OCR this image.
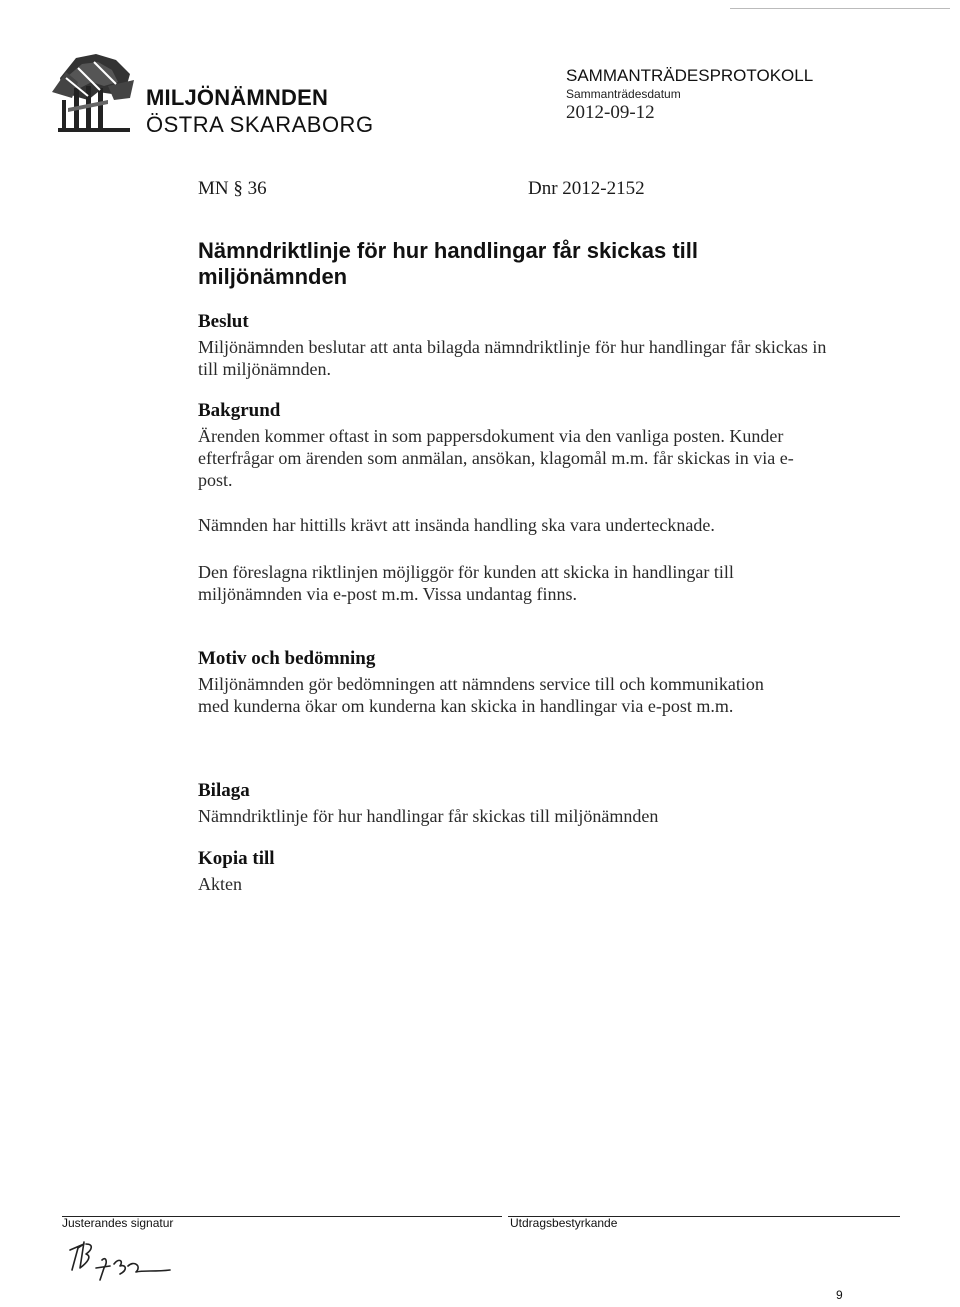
MILJÖNÄMNDEN
ÖSTRA SKARABORG
SAMMANTRÄDESPROTOKOLL
Sammanträdesdatum
2012-09-12
MN § 36	Dnr 2012-2152
Nämndriktlinje för hur handlingar får skickas till miljönämnden
Beslut
Miljönämnden beslutar att anta bilagda nämndriktlinje för hur handlingar får skickas in till miljönämnden.
Bakgrund
Ärenden kommer oftast in som pappersdokument via den vanliga posten. Kunder efterfrågar om ärenden som anmälan, ansökan, klagomål m.m. får skickas in via e-post.
Nämnden har hittills krävt att insända handling ska vara undertecknade.
Den föreslagna riktlinjen möjliggör för kunden att skicka in handlingar till miljönämnden via e-post m.m. Vissa undantag finns.
Motiv och bedömning
Miljönämnden gör bedömningen att nämndens service till och kommunikation med kunderna ökar om kunderna kan skicka in handlingar via e-post m.m.
Bilaga
Nämndriktlinje för hur handlingar får skickas till miljönämnden
Kopia till
Akten
Justerandes signatur	Utdragsbestyrkande
9
